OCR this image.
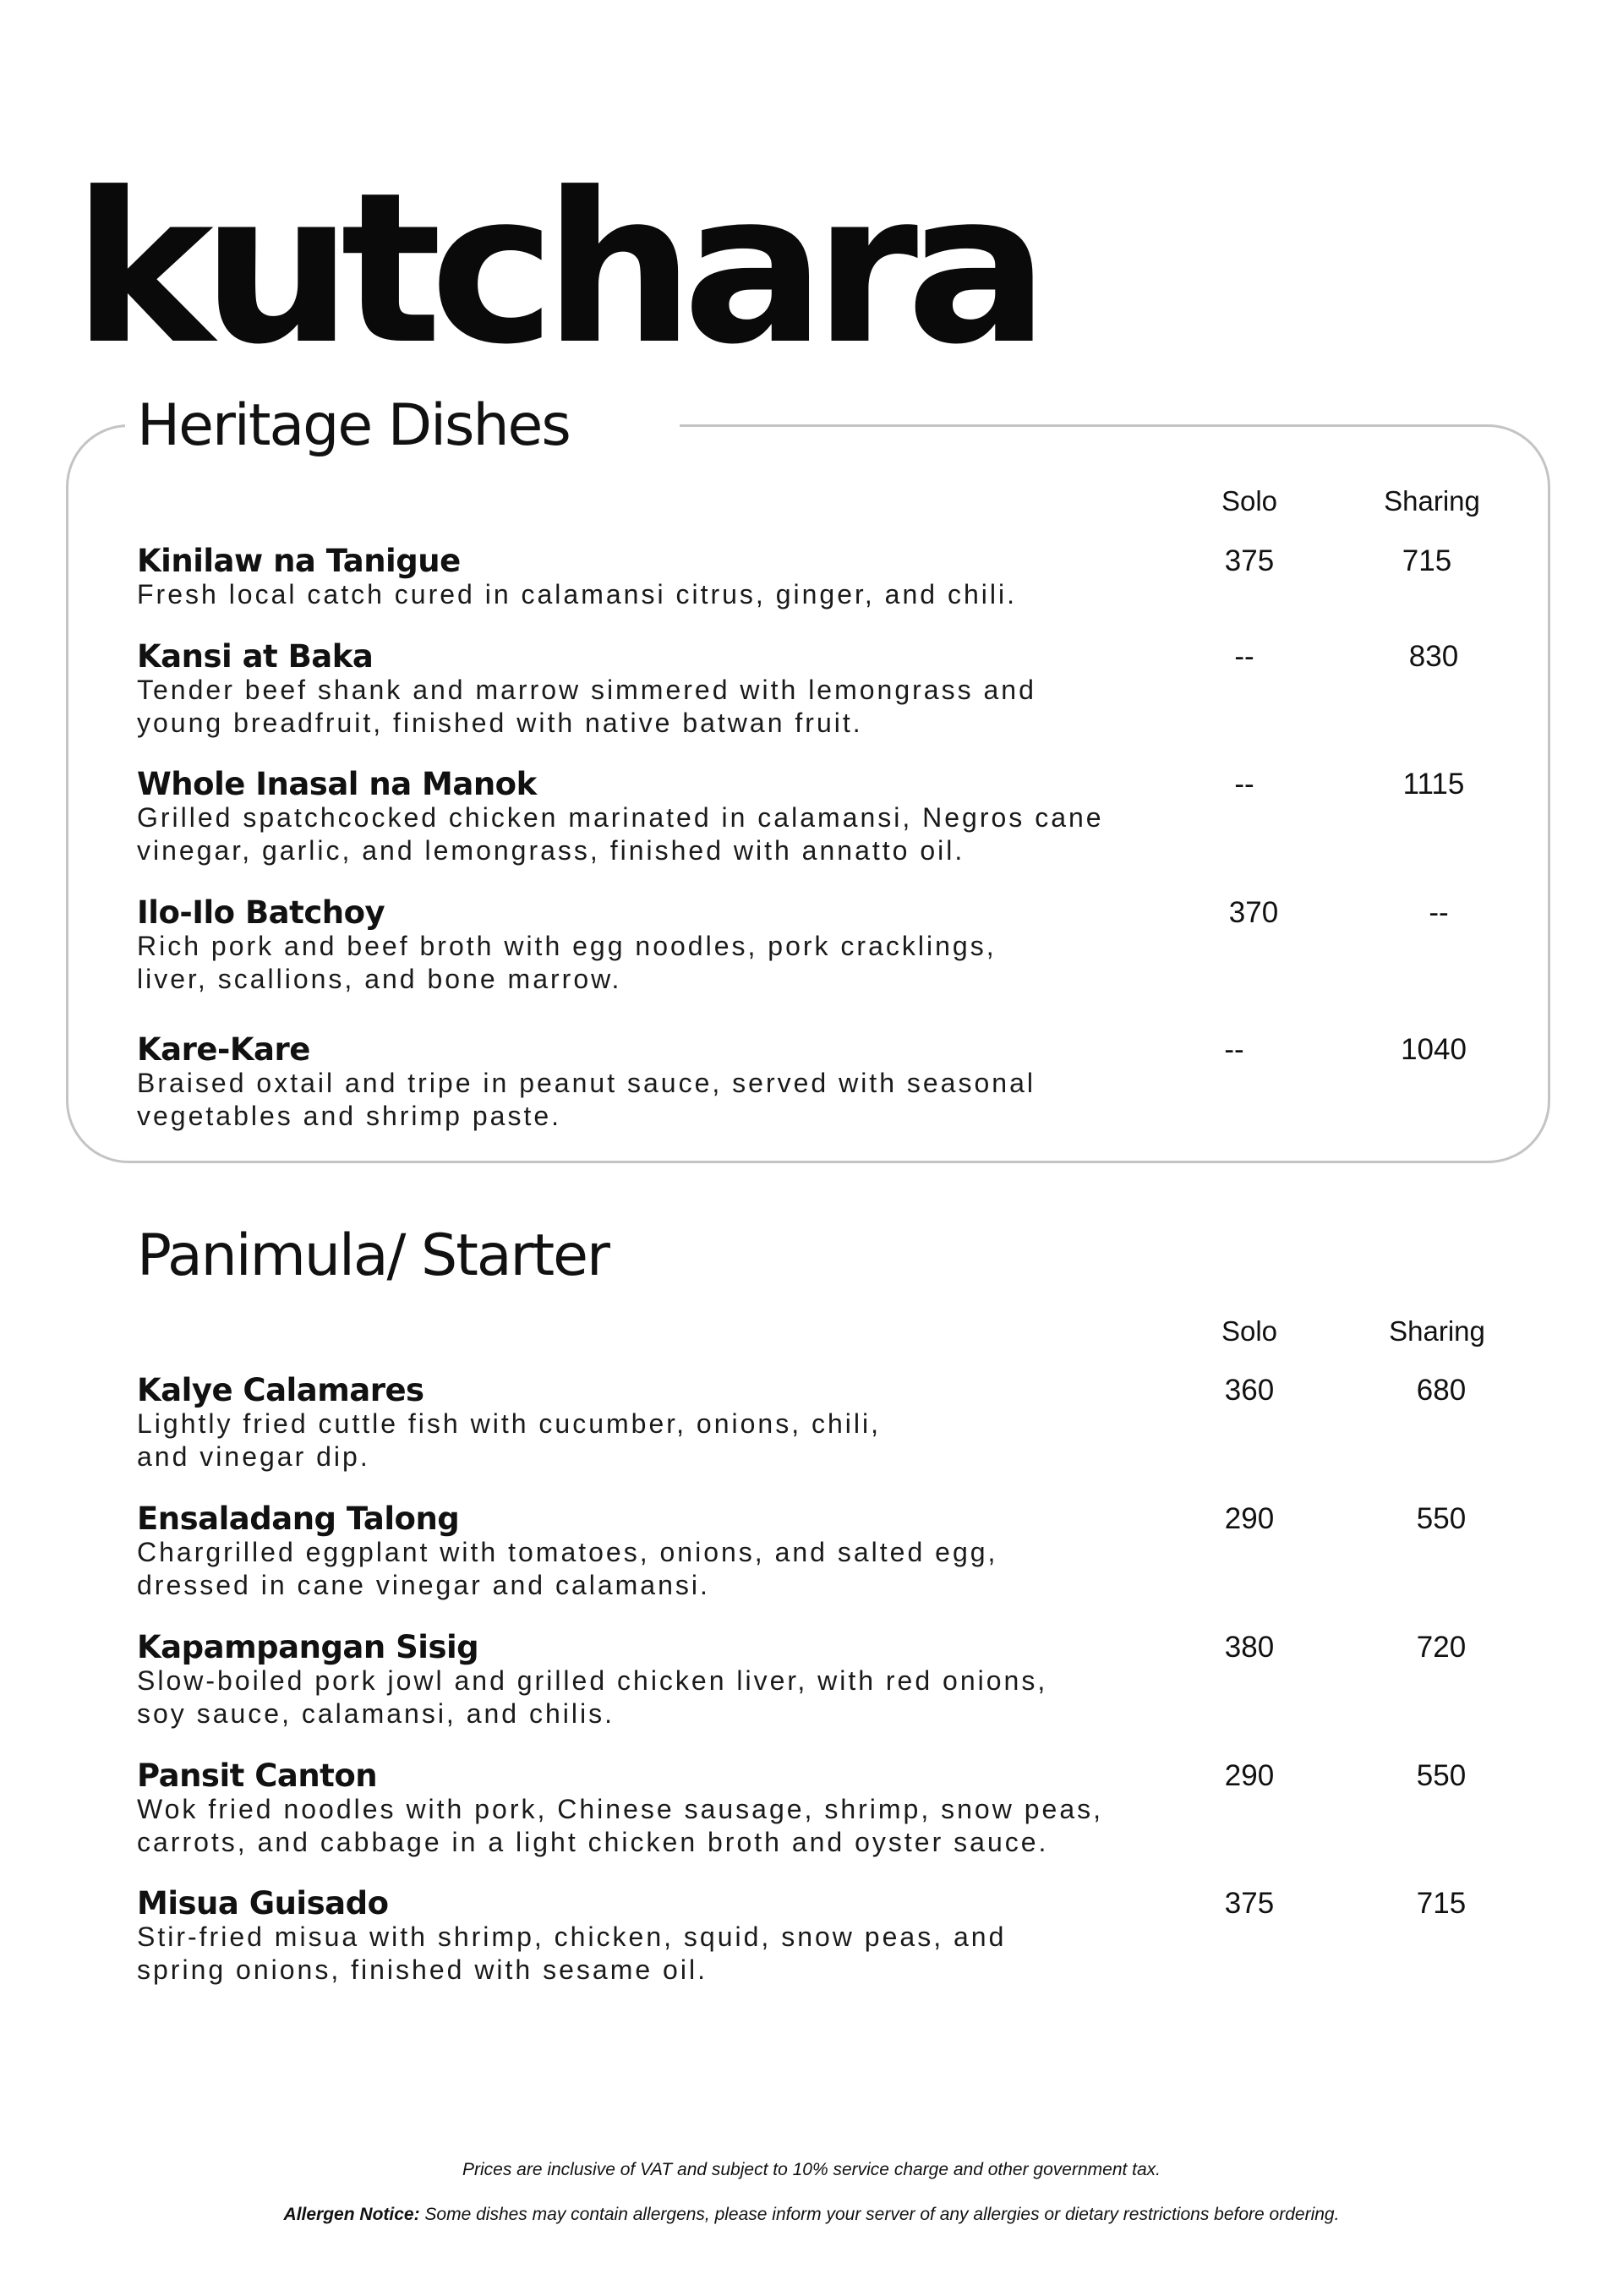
kutchara
Heritage Dishes
Solo	Sharing
Kinilaw na Tanigue
Fresh local catch cured in calamansi citrus, ginger, and chili.
375	715
Kansi at Baka
Tender beef shank and marrow simmered with lemongrass and
young breadfruit, finished with native batwan fruit.
--	830
Whole Inasal na Manok
Grilled spatchcocked chicken marinated in calamansi, Negros cane
vinegar, garlic, and lemongrass, finished with annatto oil.
--	1115
Ilo-Ilo Batchoy
Rich pork and beef broth with egg noodles, pork cracklings,
liver, scallions, and bone marrow.
370	--
Kare-Kare
Braised oxtail and tripe in peanut sauce, served with seasonal
vegetables and shrimp paste.
--	1040
Panimula/ Starter
Solo	Sharing
Kalye Calamares
Lightly fried cuttle fish with cucumber, onions, chili,
and vinegar dip.
360	680
Ensaladang Talong
Chargrilled eggplant with tomatoes, onions, and salted egg,
dressed in cane vinegar and calamansi.
290	550
Kapampangan Sisig
Slow-boiled pork jowl and grilled chicken liver, with red onions,
soy sauce, calamansi, and chilis.
380	720
Pansit Canton
Wok fried noodles with pork, Chinese sausage, shrimp, snow peas,
carrots, and cabbage in a light chicken broth and oyster sauce.
290	550
Misua Guisado
Stir-fried misua with shrimp, chicken, squid, snow peas, and
spring onions, finished with sesame oil.
375	715
Prices are inclusive of VAT and subject to 10% service charge and other government tax.
Allergen Notice: Some dishes may contain allergens, please inform your server of any allergies or dietary restrictions before ordering.
